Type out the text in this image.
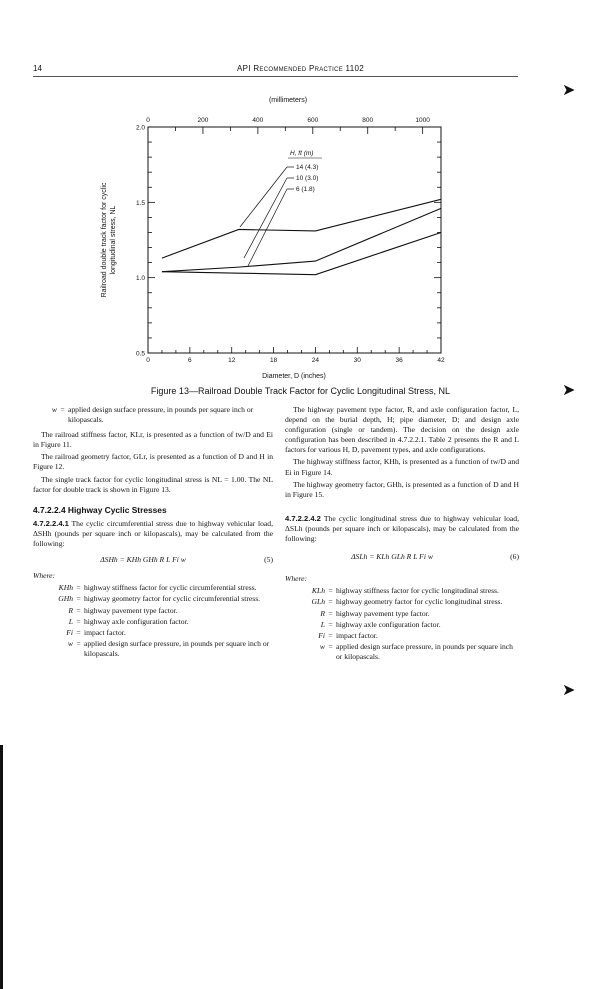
14	API Recommended Practice 1102
(millimeters)
0	6	12	18	24	30	36	42
0	200	400	600	800	1000
0.5
1.0
1.5
2.0
H, ft (m)
14 (4.3)
10 (3.0)
6 (1.8)
Diameter, D (inches)
Railroad double track factor for cyclic longitudinal stress, NL
Figure 13—Railroad Double Track Factor for Cyclic Longitudinal Stress, NL
w = applied design surface pressure, in pounds per square inch or kilopascals.

The railroad stiffness factor, KLr, is presented as a function of tw/D and Ei in Figure 11.

The railroad geometry factor, GLr, is presented as a function of D and H in Figure 12.

The single track factor for cyclic longitudinal stress is NL = 1.00. The NL factor for double track is shown in Figure 13.

4.7.2.2.4 Highway Cyclic Stresses

4.7.2.2.4.1 The cyclic circumferential stress due to highway vehicular load, ΔSHh (pounds per square inch or kilopascals), may be calculated from the following:

ΔSHh = KHh GHh R L Fi w	(5)
Where:
KHh = highway stiffness factor for cyclic circumferential stress.
GHh = highway geometry factor for cyclic circumferential stress.
R = highway pavement type factor.
L = highway axle configuration factor.
Fi = impact factor.
w = applied design surface pressure, in pounds per square inch or kilopascals.

The highway pavement type factor, R, and axle configuration factor, L, depend on the burial depth, H; pipe diameter, D; and design axle configuration (single or tandem). The decision on the design axle configuration has been described in 4.7.2.2.1. Table 2 presents the R and L factors for various H, D, pavement types, and axle configurations.

The highway stiffness factor, KHh, is presented as a function of tw/D and Ei in Figure 14.

The highway geometry factor, GHh, is presented as a function of D and H in Figure 15.

4.7.2.2.4.2 The cyclic longitudinal stress due to highway vehicular load, ΔSLh (pounds per square inch or kilopascals), may be calculated from the following:

ΔSLh = KLh GLh R L Fi w	(6)
Where:
KLh = highway stiffness factor for cyclic longitudinal stress.
GLh = highway geometry factor for cyclic longitudinal stress.
R = highway pavement type factor.
L = highway axle configuration factor.
Fi = impact factor.
w = applied design surface pressure, in pounds per square inch or kilopascals.
➤
➤
➤
